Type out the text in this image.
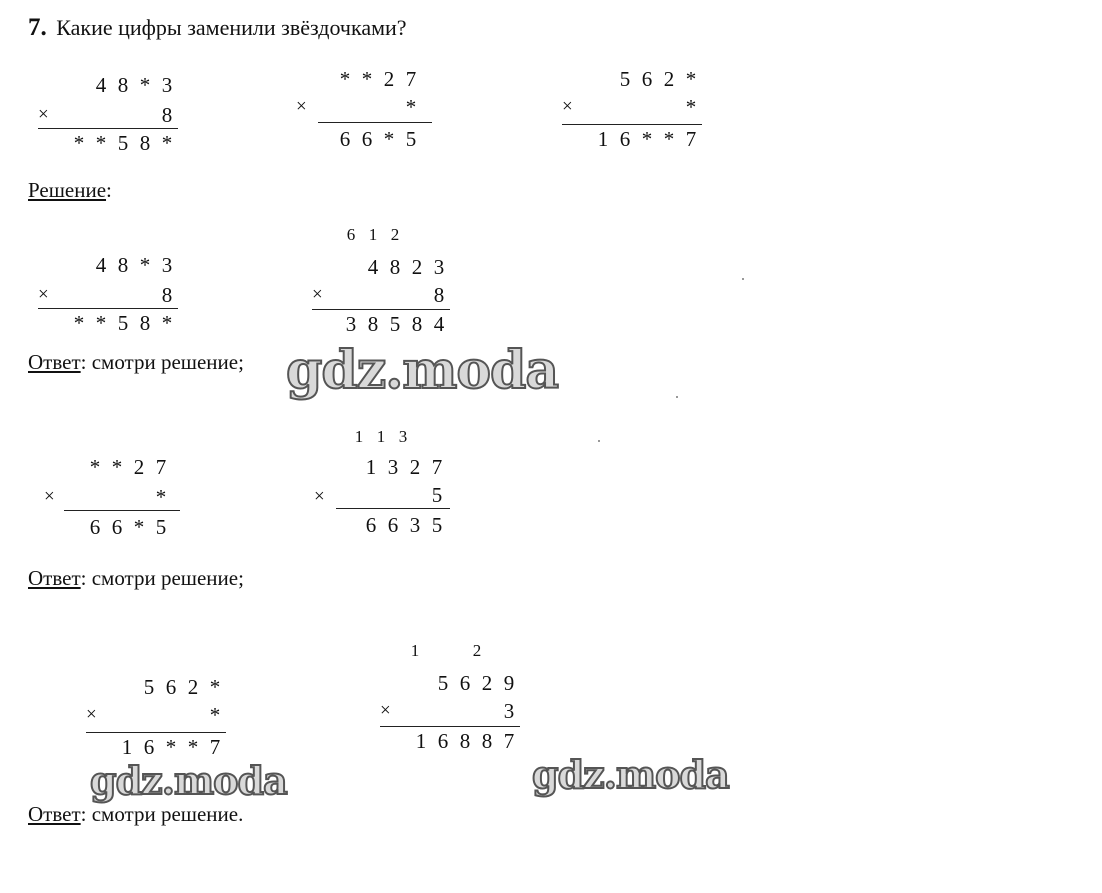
7. Какие цифры заменили звёздочками?
4 8 * 3
×	8
* * 5 8 *
* * 2 7
×	*
6 6 * 5
5 6 2 *
×	*
1 6 * * 7
Решение:
4 8 * 3
×	8
* * 5 8 *
6 1 2
4 8 2 3
×	8
3 8 5 8 4
Ответ: смотри решение; gdz.moda
* * 2 7
×	*
6 6 * 5
1 1 3
1 3 2 7
×	5
6 6 3 5
Ответ: смотри решение;
5 6 2 *
×	*
1 6 * * 7
1	2
5 6 2 9
×	3
1 6 8 8 7
gdz.moda	gdz.moda
Ответ: смотри решение.
